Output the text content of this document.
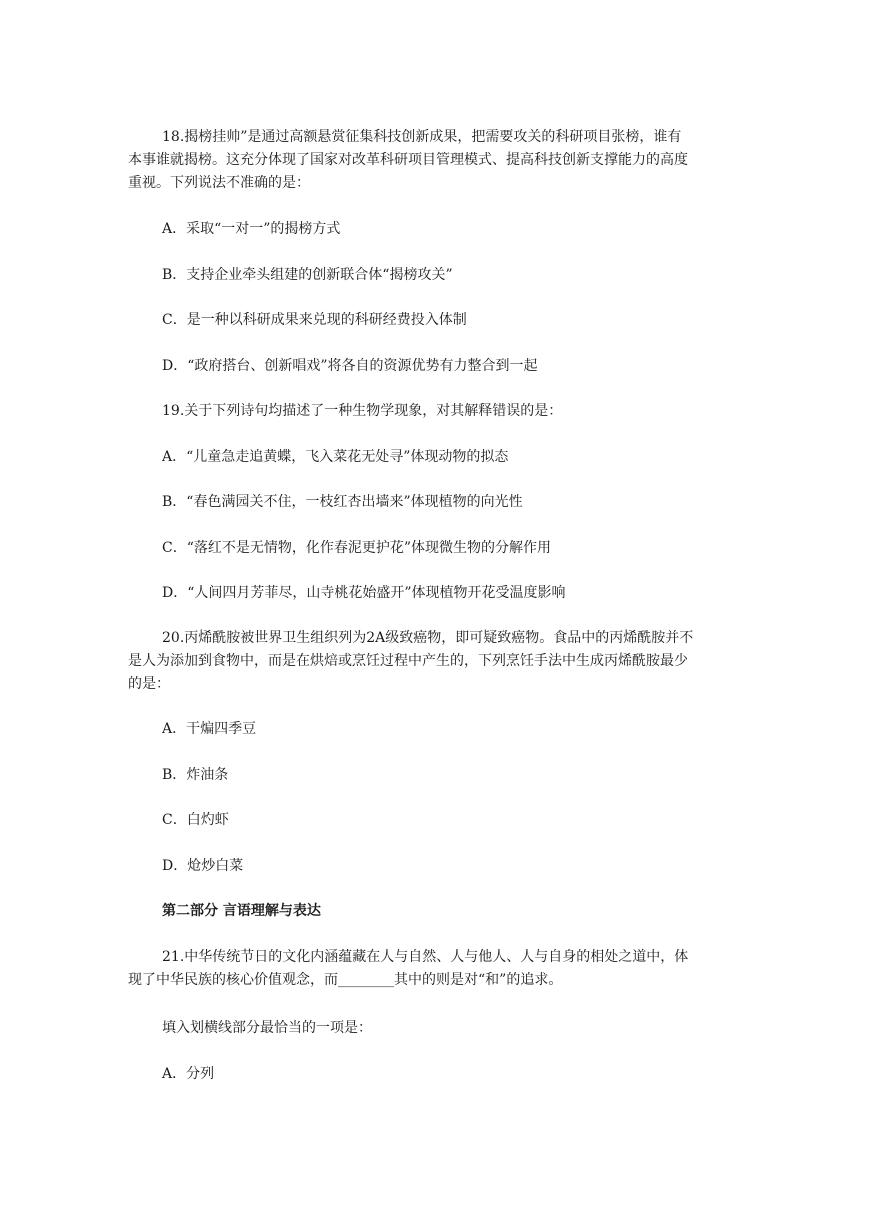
18.揭榜挂帅”是通过高额悬赏征集科技创新成果，把需要攻关的科研项目张榜，谁有
本事谁就揭榜。这充分体现了国家对改革科研项目管理模式、提高科技创新支撑能力的高度
重视。下列说法不准确的是：

A．采取“一对一”的揭榜方式

B．支持企业牵头组建的创新联合体“揭榜攻关”

C．是一种以科研成果来兑现的科研经费投入体制

D．“政府搭台、创新唱戏”将各自的资源优势有力整合到一起

19.关于下列诗句均描述了一种生物学现象，对其解释错误的是：

A．“儿童急走追黄蝶，飞入菜花无处寻”体现动物的拟态

B．“春色满园关不住，一枝红杏出墙来”体现植物的向光性

C．“落红不是无情物，化作春泥更护花”体现微生物的分解作用

D．“人间四月芳菲尽，山寺桃花始盛开”体现植物开花受温度影响

20.丙烯酰胺被世界卫生组织列为2A级致癌物，即可疑致癌物。食品中的丙烯酰胺并不
是人为添加到食物中，而是在烘焙或烹饪过程中产生的，下列烹饪手法中生成丙烯酰胺最少
的是：

A．干煸四季豆

B．炸油条

C．白灼虾

D．炝炒白菜

第二部分 言语理解与表达

21.中华传统节日的文化内涵蕴藏在人与自然、人与他人、人与自身的相处之道中，体
现了中华民族的核心价值观念，而________其中的则是对“和”的追求。

填入划横线部分最恰当的一项是：

A．分列
